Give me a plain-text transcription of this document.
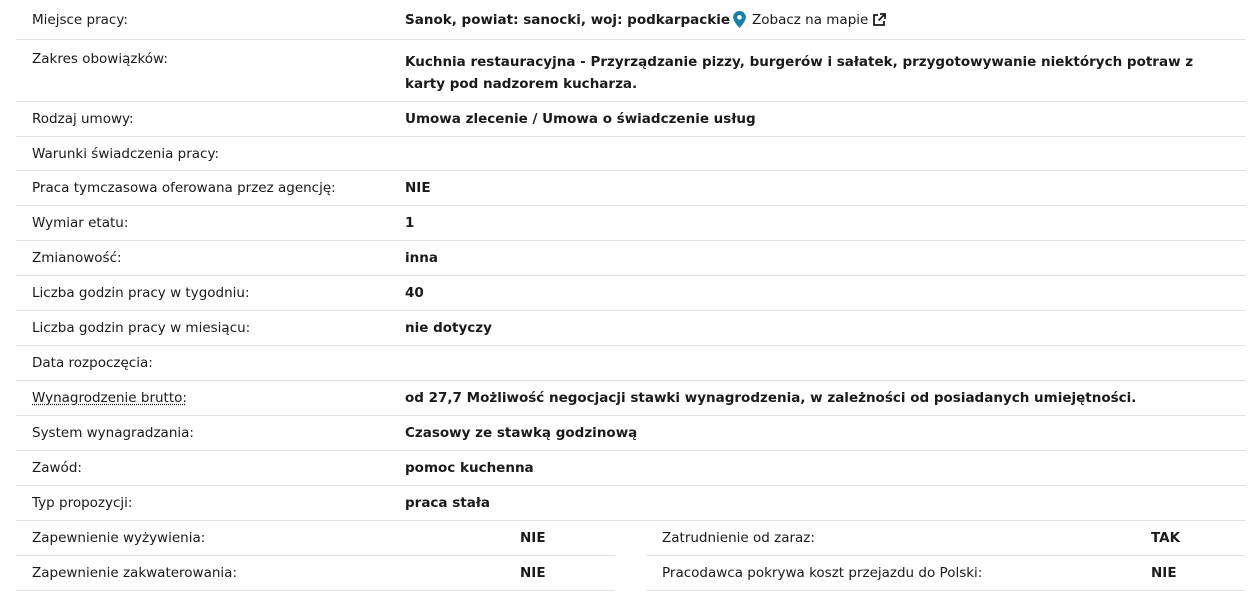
Miejsce pracy:	Sanok, powiat: sanocki, woj: podkarpackie Zobacz na mapie
Zakres obowiązków:	Kuchnia restauracyjna - Przyrządzanie pizzy, burgerów i sałatek, przygotowywanie niektórych potraw z karty pod nadzorem kucharza.
Rodzaj umowy:	Umowa zlecenie / Umowa o świadczenie usług
Warunki świadczenia pracy:
Praca tymczasowa oferowana przez agencję:	NIE
Wymiar etatu:	1
Zmianowość:	inna
Liczba godzin pracy w tygodniu:	40
Liczba godzin pracy w miesiącu:	nie dotyczy
Data rozpoczęcia:
Wynagrodzenie brutto:	od 27,7 Możliwość negocjacji stawki wynagrodzenia, w zależności od posiadanych umiejętności.
System wynagradzania:	Czasowy ze stawką godzinową
Zawód:	pomoc kuchenna
Typ propozycji:	praca stała
Zapewnienie wyżywienia:	NIE
Zapewnienie zakwaterowania:	NIE
Zatrudnienie od zaraz:	TAK
Pracodawca pokrywa koszt przejazdu do Polski:	NIE
